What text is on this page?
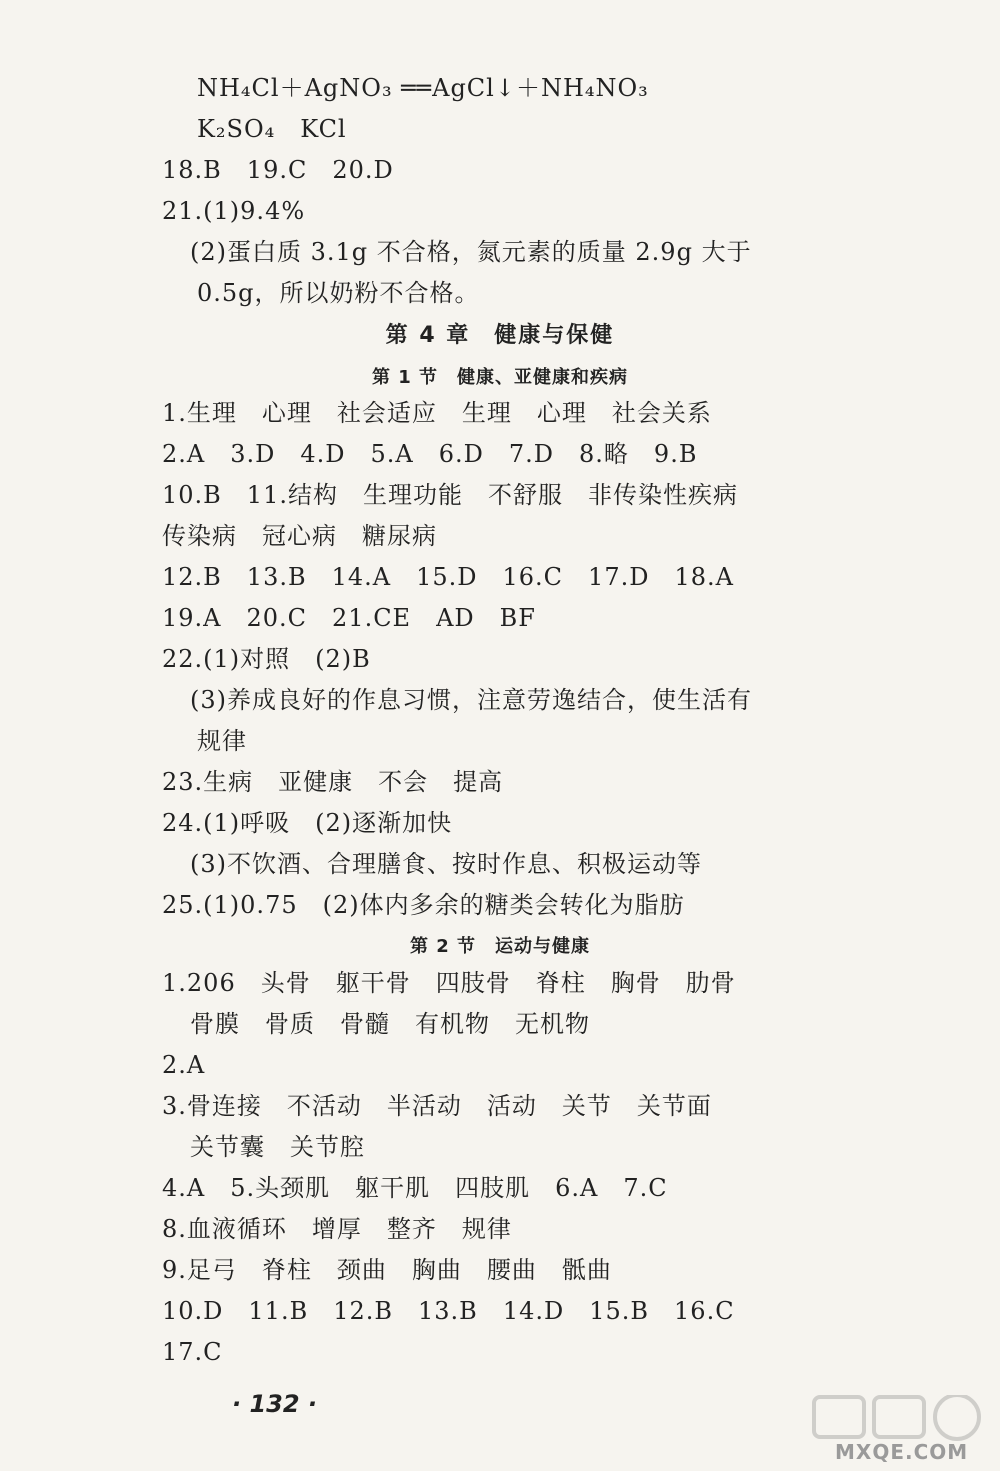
NH₄Cl＋AgNO₃ ══AgCl↓＋NH₄NO₃
K₂SO₄　KCl
18.B　19.C　20.D
21.(1)9.4%
(2)蛋白质 3.1g 不合格，氮元素的质量 2.9g 大于
0.5g，所以奶粉不合格。
第 4 章　健康与保健
第 1 节　健康、亚健康和疾病
1.生理　心理　社会适应　生理　心理　社会关系
2.A　3.D　4.D　5.A　6.D　7.D　8.略　9.B
10.B　11.结构　生理功能　不舒服　非传染性疾病
传染病　冠心病　糖尿病
12.B　13.B　14.A　15.D　16.C　17.D　18.A
19.A　20.C　21.CE　AD　BF
22.(1)对照　(2)B
(3)养成良好的作息习惯，注意劳逸结合，使生活有
规律
23.生病　亚健康　不会　提高
24.(1)呼吸　(2)逐渐加快
(3)不饮酒、合理膳食、按时作息、积极运动等
25.(1)0.75　(2)体内多余的糖类会转化为脂肪
第 2 节　运动与健康
1.206　头骨　躯干骨　四肢骨　脊柱　胸骨　肋骨
骨膜　骨质　骨髓　有机物　无机物
2.A
3.骨连接　不活动　半活动　活动　关节　关节面
关节囊　关节腔
4.A　5.头颈肌　躯干肌　四肢肌　6.A　7.C
8.血液循环　增厚　整齐　规律
9.足弓　脊柱　颈曲　胸曲　腰曲　骶曲
10.D　11.B　12.B　13.B　14.D　15.B　16.C
17.C
· 132 ·
MXQE.COM
